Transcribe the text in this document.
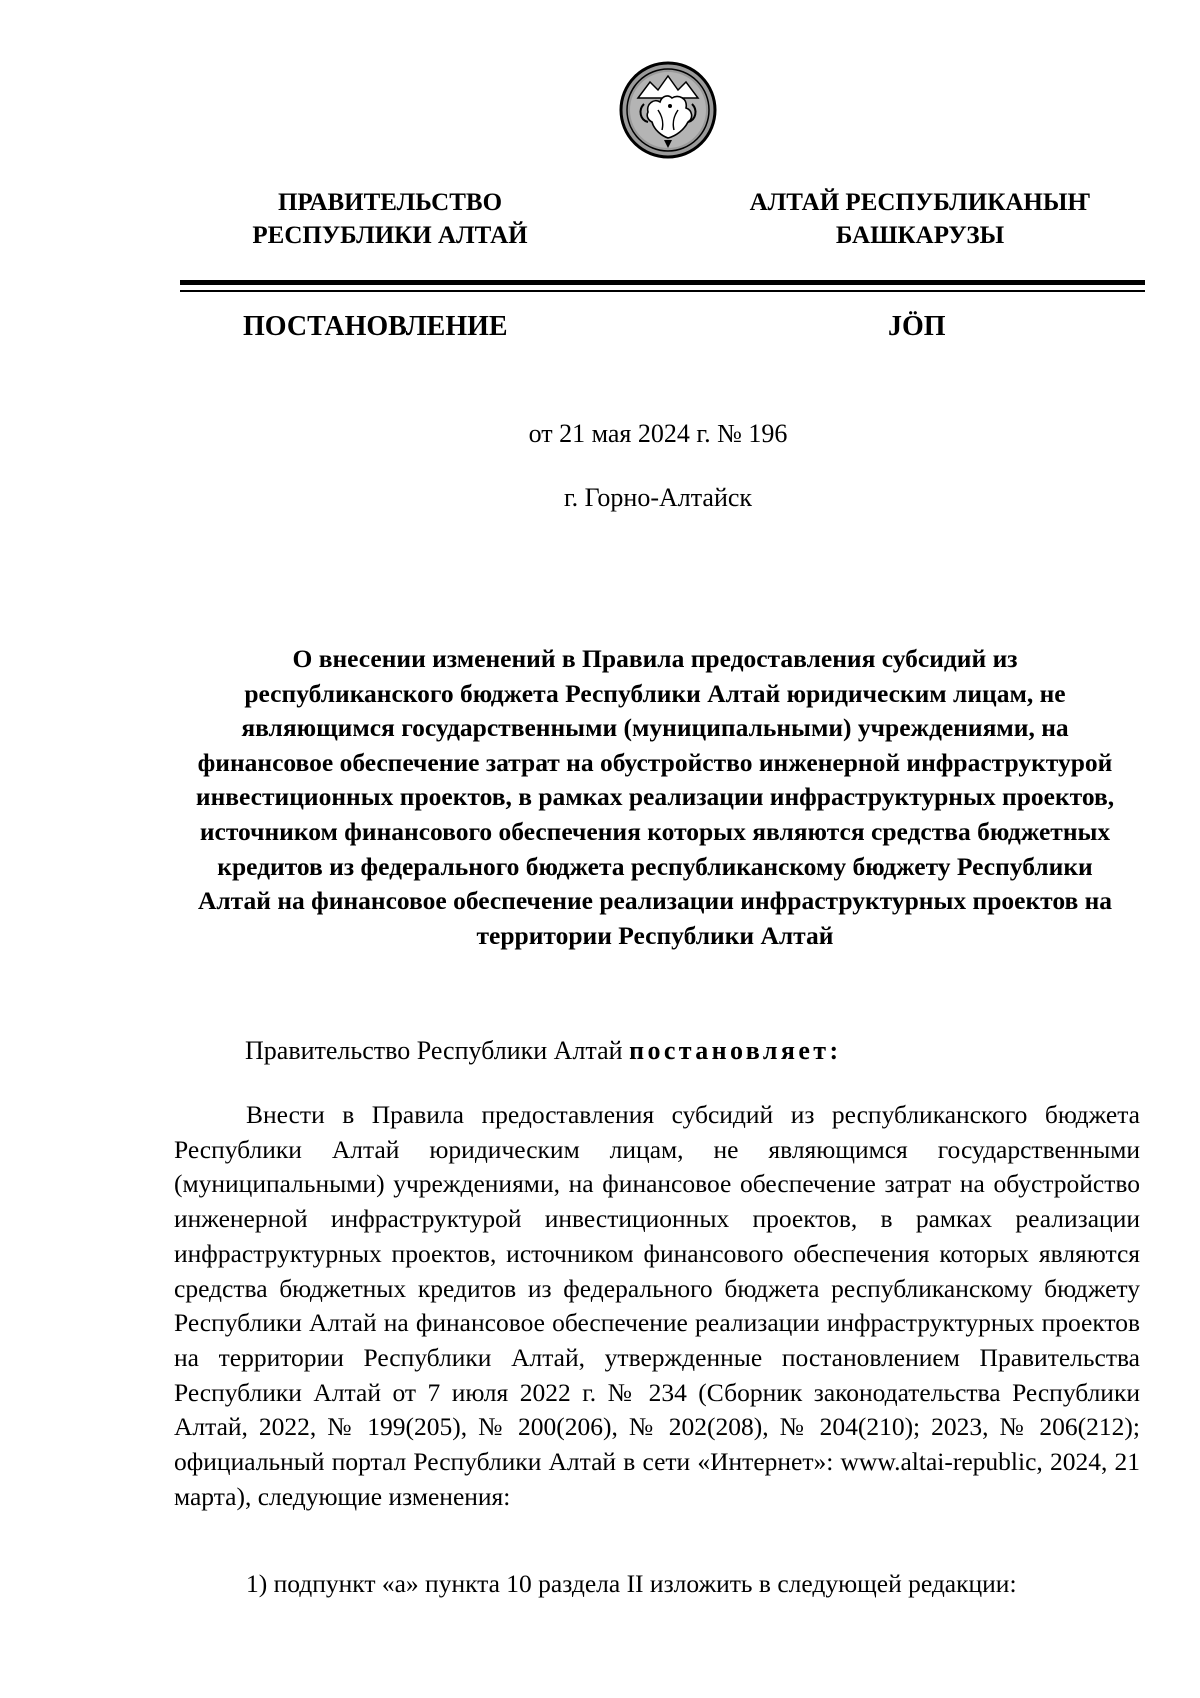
ПРАВИТЕЛЬСТВО
РЕСПУБЛИКИ АЛТАЙ
АЛТАЙ РЕСПУБЛИКАНЫҤ
БАШКАРУЗЫ
ПОСТАНОВЛЕНИЕ	JÖП
от 21 мая 2024 г. № 196
г. Горно-Алтайск
О внесении изменений в Правила предоставления субсидий из республиканского бюджета Республики Алтай юридическим лицам, не являющимся государственными (муниципальными) учреждениями, на финансовое обеспечение затрат на обустройство инженерной инфраструктурой инвестиционных проектов, в рамках реализации инфраструктурных проектов, источником финансового обеспечения которых являются средства бюджетных кредитов из федерального бюджета республиканскому бюджету Республики Алтай на финансовое обеспечение реализации инфраструктурных проектов на территории Республики Алтай
Правительство Республики Алтай постановляет:
Внести в Правила предоставления субсидий из республиканского бюджета Республики Алтай юридическим лицам, не являющимся государственными (муниципальными) учреждениями, на финансовое обеспечение затрат на обустройство инженерной инфраструктурой инвестиционных проектов, в рамках реализации инфраструктурных проектов, источником финансового обеспечения которых являются средства бюджетных кредитов из федерального бюджета республиканскому бюджету Республики Алтай на финансовое обеспечение реализации инфраструктурных проектов на территории Республики Алтай, утвержденные постановлением Правительства Республики Алтай от 7 июля 2022 г. № 234 (Сборник законодательства Республики Алтай, 2022, № 199(205), № 200(206), № 202(208), № 204(210); 2023, № 206(212); официальный портал Республики Алтай в сети «Интернет»: www.altai-republic, 2024, 21 марта), следующие изменения:
1) подпункт «а» пункта 10 раздела II изложить в следующей редакции:
